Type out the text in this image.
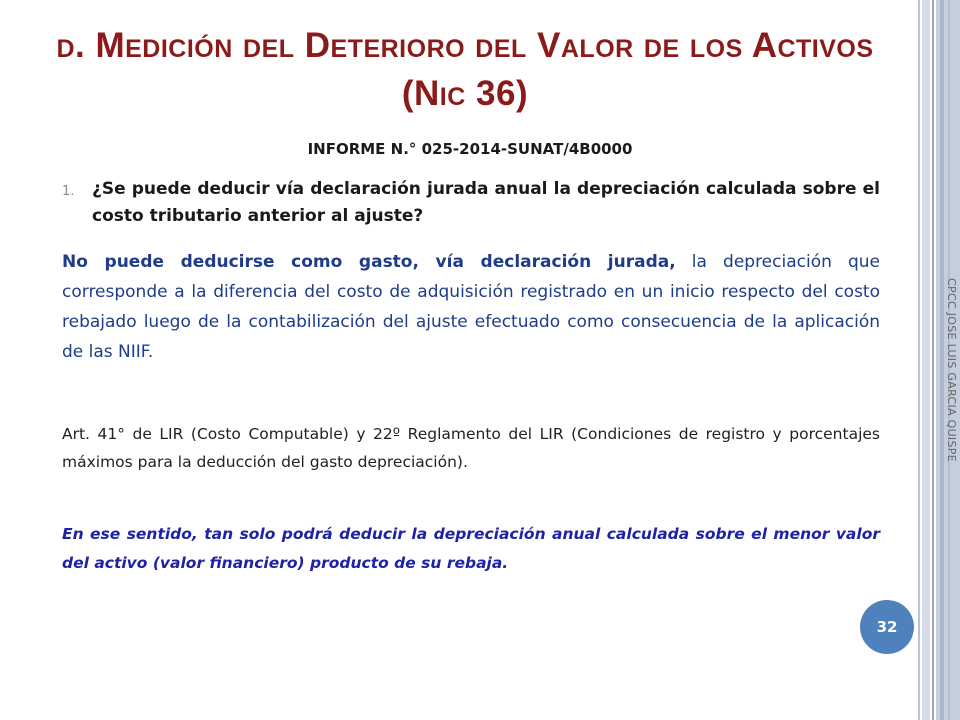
d. Medición del Deterioro del Valor de los Activos (Nic 36)
INFORME N.° 025-2014-SUNAT/4B0000
1.	¿Se puede deducir vía declaración jurada anual la depreciación calculada sobre el costo tributario anterior al ajuste?
No puede deducirse como gasto, vía declaración jurada, la depreciación que corresponde a la diferencia del costo de adquisición registrado en un inicio respecto del costo rebajado luego de la contabilización del ajuste efectuado como consecuencia de la aplicación de las NIIF.
Art. 41° de LIR (Costo Computable) y 22º Reglamento del LIR (Condiciones de registro y porcentajes máximos para la deducción del gasto depreciación).
En ese sentido, tan solo podrá deducir la depreciación anual calculada sobre el menor valor del activo (valor financiero) producto de su rebaja.
CPCC JOSE LUIS GARCIA QUISPE
32
